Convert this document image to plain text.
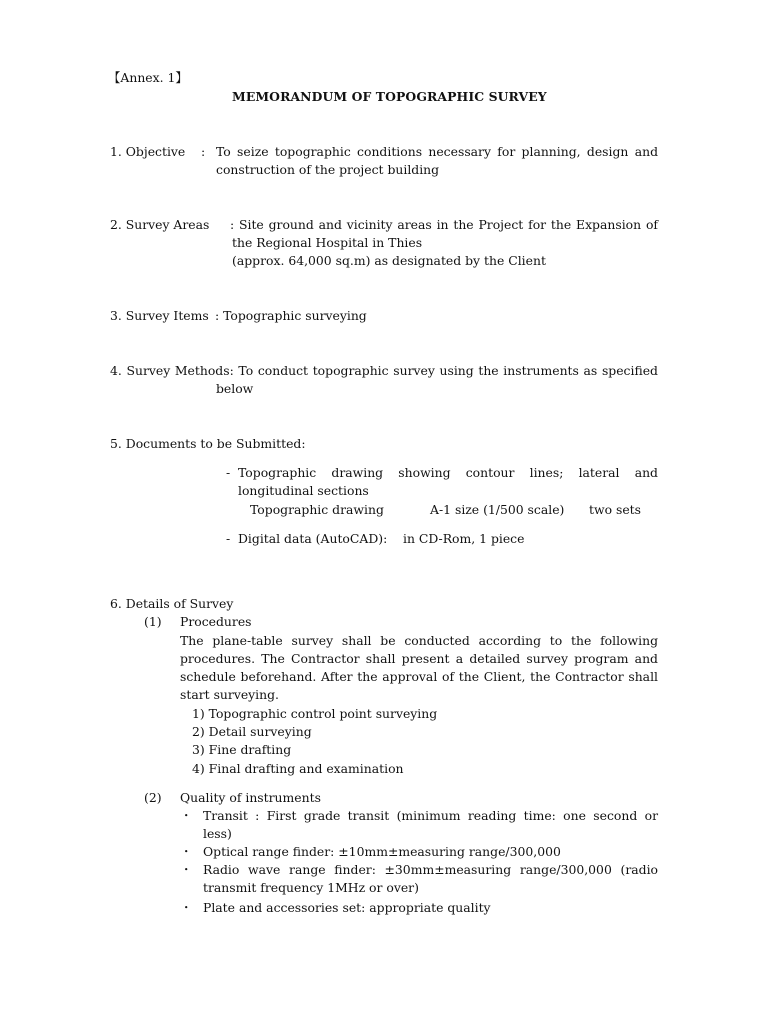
【Annex. 1】
MEMORANDUM OF TOPOGRAPHIC SURVEY
1. Objective : To seize topographic conditions necessary for planning, design and
construction of the project building
2. Survey Areas : Site ground and vicinity areas in the Project for the Expansion of
the Regional Hospital in Thies
(approx. 64,000 sq.m) as designated by the Client
3. Survey Items : Topographic surveying
4. Survey Methods: To conduct topographic survey using the instruments as specified
below
5. Documents to be Submitted:
- Topographic drawing showing contour lines; lateral and
longitudinal sections
Topographic drawing	A-1 size (1/500 scale) two sets
- Digital data (AutoCAD): in CD-Rom, 1 piece
6. Details of Survey
(1) Procedures
The plane-table survey shall be conducted according to the following
procedures. The Contractor shall present a detailed survey program and
schedule beforehand. After the approval of the Client, the Contractor shall
start surveying.
1) Topographic control point surveying
2) Detail surveying
3) Fine drafting
4) Final drafting and examination
(2) Quality of instruments
・ Transit : First grade transit (minimum reading time: one second or
less)
・ Optical range finder: ±10mm±measuring range/300,000
・ Radio wave range finder: ±30mm±measuring range/300,000 (radio
transmit frequency 1MHz or over)
・ Plate and accessories set: appropriate quality
